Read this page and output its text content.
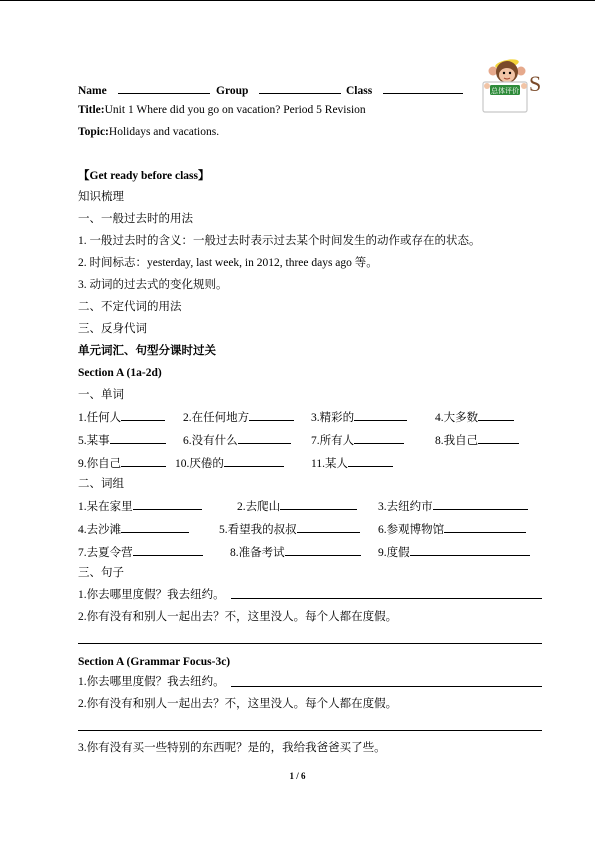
Name	Group	Class	总体评价 S
Title:Unit 1 Where did you go on vacation? Period 5 Revision
Topic:Holidays and vacations.
【Get ready before class】
知识梳理
一、一般过去时的用法
1. 一般过去时的含义：一般过去时表示过去某个时间发生的动作或存在的状态。
2. 时间标志：yesterday, last week, in 2012, three days ago 等。
3. 动词的过去式的变化规则。
二、不定代词的用法
三、反身代词
单元词汇、句型分课时过关
Section A (1a-2d)
一、单词
1.任何人	2.在任何地方	3.精彩的	4.大多数
5.某事	6.没有什么	7.所有人	8.我自己
9.你自己	10.厌倦的	11.某人
二、词组
1.呆在家里	2.去爬山	3.去纽约市
4.去沙滩	5.看望我的叔叔	6.参观博物馆
7.去夏令营	8.准备考试	9.度假
三、句子
1.你去哪里度假？我去纽约。
2.你有没有和别人一起出去？不，这里没人。每个人都在度假。
Section A (Grammar Focus-3c)
1.你去哪里度假？我去纽约。
2.你有没有和别人一起出去？不，这里没人。每个人都在度假。
3.你有没有买一些特别的东西呢？是的，我给我爸爸买了些。
1 / 6
